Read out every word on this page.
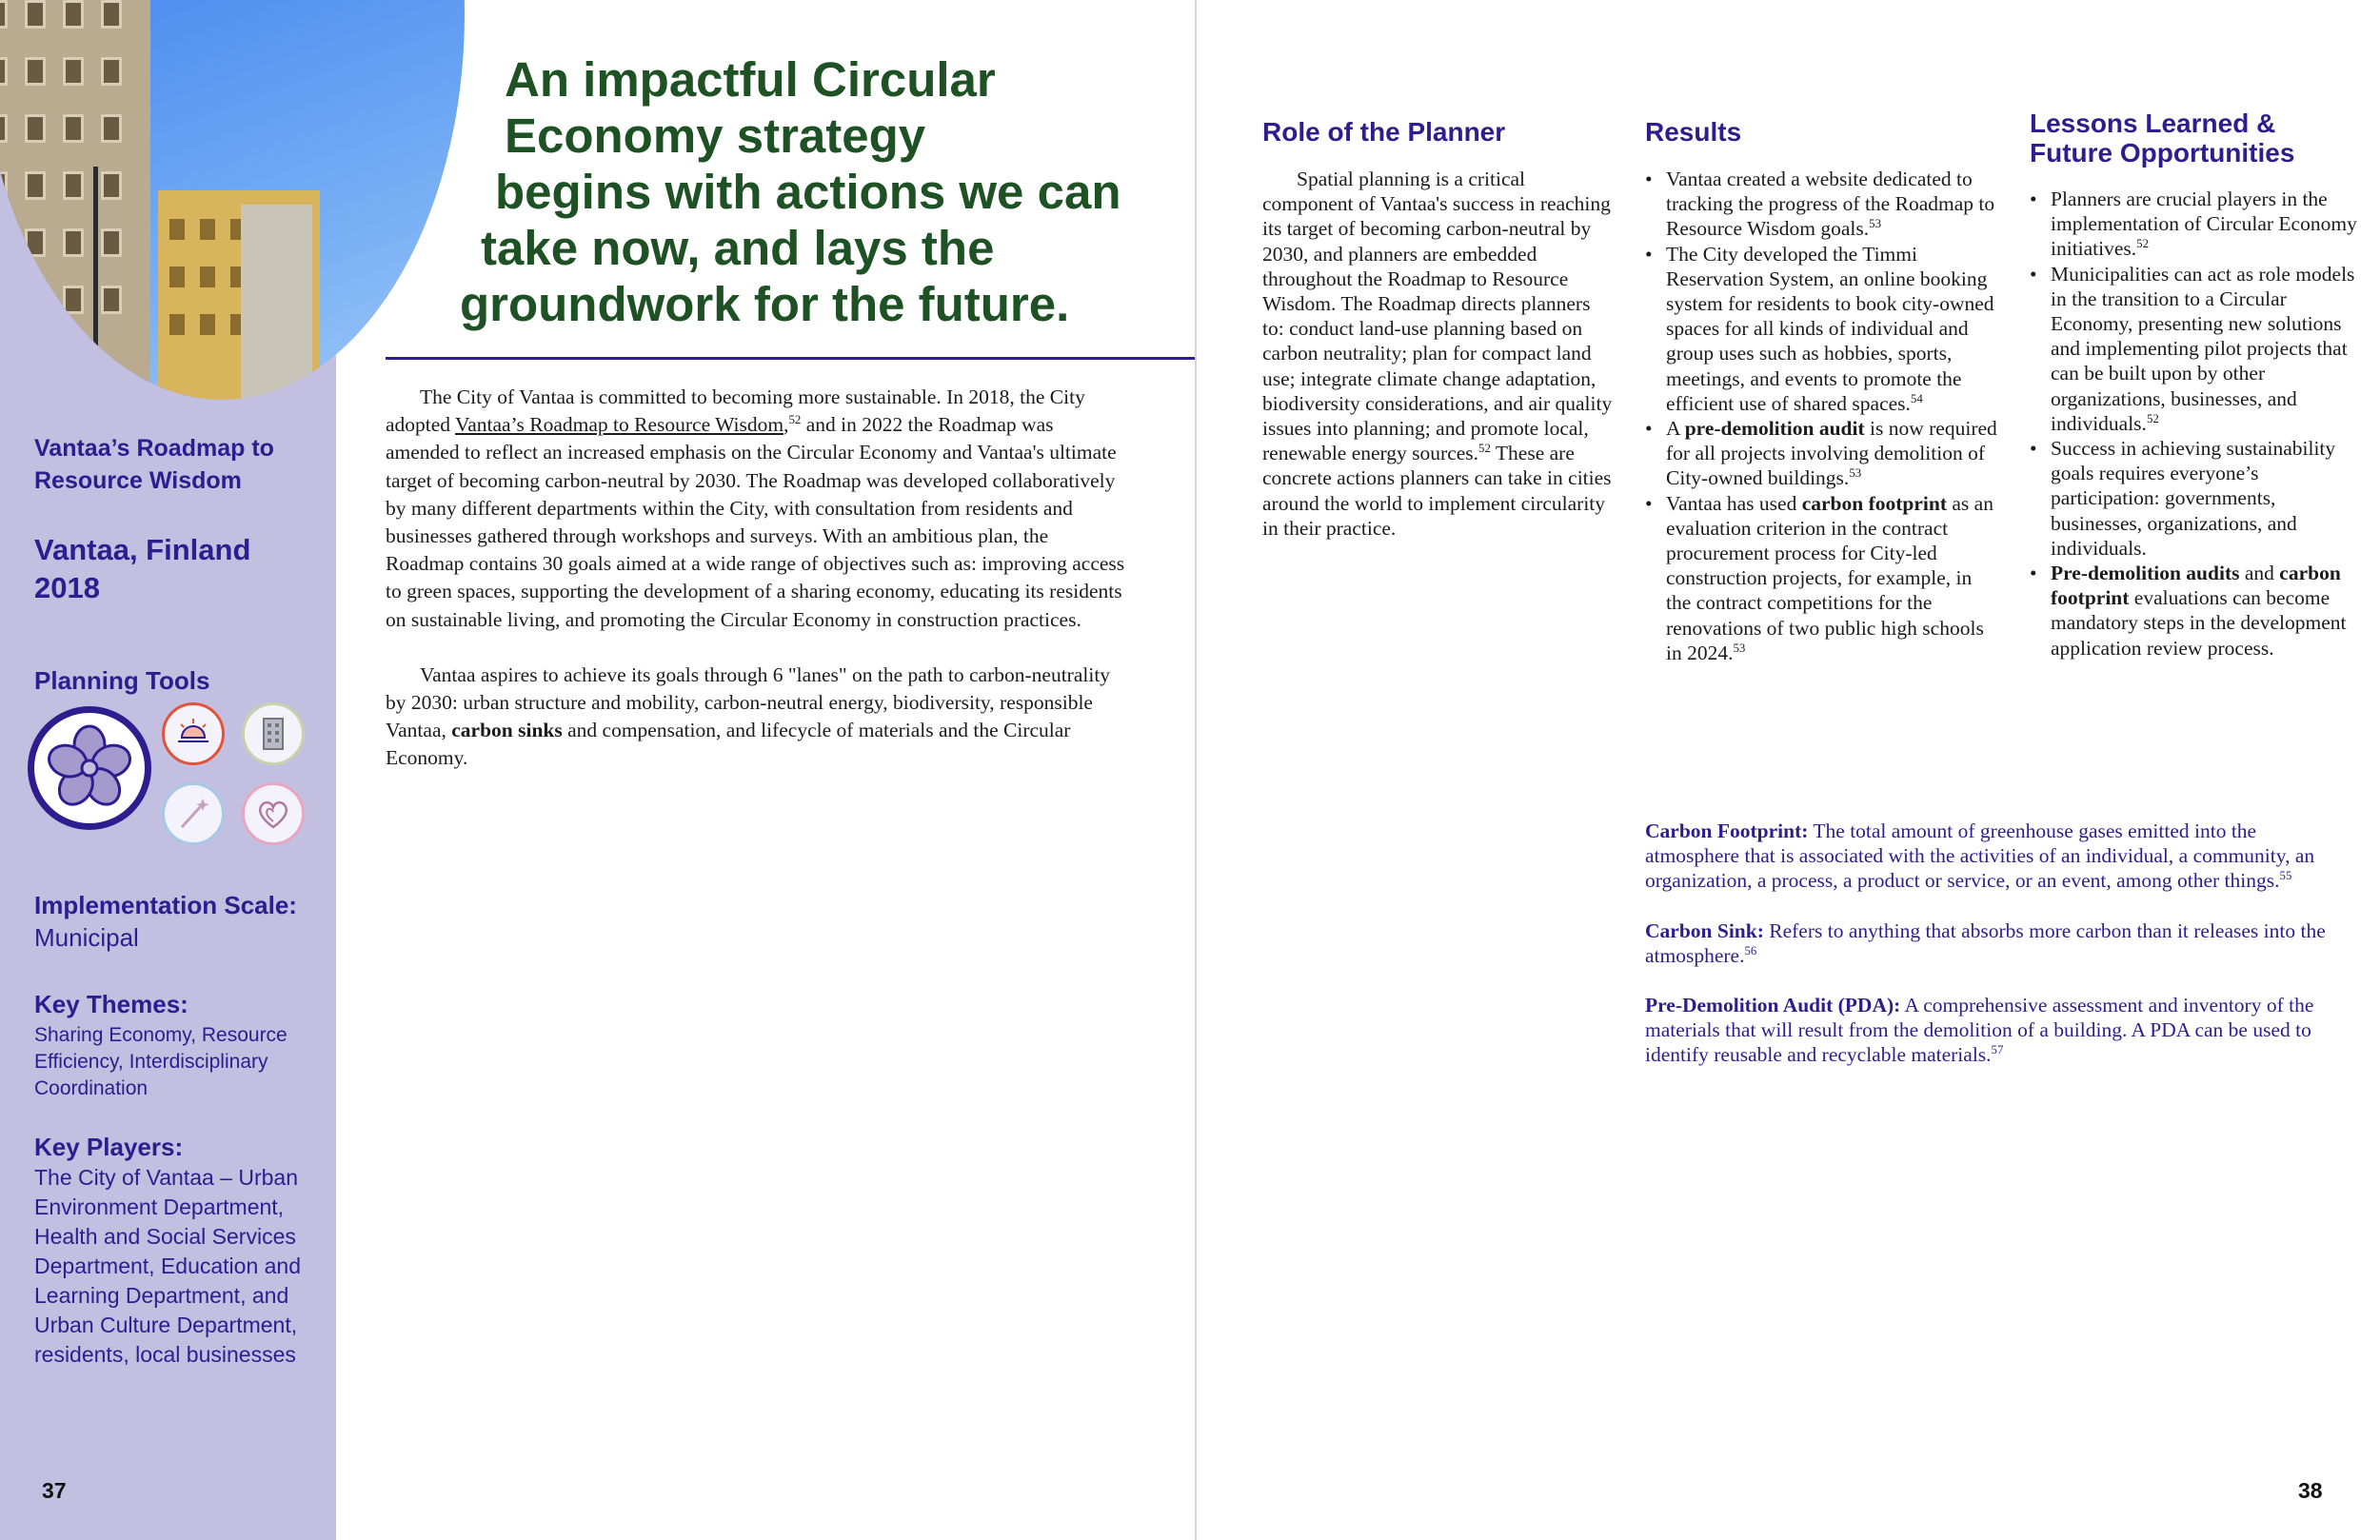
Vantaa’s Roadmap to Resource Wisdom
Vantaa, Finland
2018
Planning Tools
Implementation Scale:
Municipal
Key Themes:
Sharing Economy, Resource Efficiency, Interdisciplinary Coordination
Key Players:
The City of Vantaa – Urban Environment Department, Health and Social Services Department, Education and Learning Department, and Urban Culture Department, residents, local businesses
37
An impactful Circular
Economy strategy
begins with actions we can
take now, and lays the
groundwork for the future.

The City of Vantaa is committed to becoming more sustainable. In 2018, the City adopted Vantaa’s Roadmap to Resource Wisdom,$^{52}$ and in 2022 the Roadmap was amended to reflect an increased emphasis on the Circular Economy and Vantaa's ultimate target of becoming carbon-neutral by 2030. The Roadmap was developed collaboratively by many different departments within the City, with consultation from residents and businesses gathered through workshops and surveys. With an ambitious plan, the Roadmap contains 30 goals aimed at a wide range of objectives such as: improving access to green spaces, supporting the development of a sharing economy, educating its residents on sustainable living, and promoting the Circular Economy in construction practices.

Vantaa aspires to achieve its goals through 6 "lanes" on the path to carbon-neutrality by 2030: urban structure and mobility, carbon-neutral energy, biodiversity, responsible Vantaa, carbon sinks and compensation, and lifecycle of materials and the Circular Economy.

Role of the Planner

Spatial planning is a critical component of Vantaa's success in reaching its target of becoming carbon-neutral by 2030, and planners are embedded throughout the Roadmap to Resource Wisdom. The Roadmap directs planners to: conduct land-use planning based on carbon neutrality; plan for compact land use; integrate climate change adaptation, biodiversity considerations, and air quality issues into planning; and promote local, renewable energy sources.$^{52}$ These are concrete actions planners can take in cities around the world to implement circularity in their practice.

Results
• Vantaa created a website dedicated to tracking the progress of the Roadmap to Resource Wisdom goals.$^{53}$
• The City developed the Timmi Reservation System, an online booking system for residents to book city-owned spaces for all kinds of individual and group uses such as hobbies, sports, meetings, and events to promote the efficient use of shared spaces.$^{54}$
• A pre-demolition audit is now required for all projects involving demolition of City-owned buildings.$^{53}$
• Vantaa has used carbon footprint as an evaluation criterion in the contract procurement process for City-led construction projects, for example, in the contract competitions for the renovations of two public high schools in 2024.53
Lessons Learned & Future Opportunities
• Planners are crucial players in the implementation of Circular Economy initiatives.$^{52}$
• Municipalities can act as role models in the transition to a Circular Economy, presenting new solutions and implementing pilot projects that can be built upon by other organizations, businesses, and individuals.$^{52}$
• Success in achieving sustainability goals requires everyone’s participation: governments, businesses, organizations, and individuals.
• Pre-demolition audits and carbon footprint evaluations can become mandatory steps in the development application review process.

Carbon Footprint: The total amount of greenhouse gases emitted into the atmosphere that is associated with the activities of an individual, a community, an organization, a process, a product or service, or an event, among other things.$^{55}$

Carbon Sink: Refers to anything that absorbs more carbon than it releases into the atmosphere.$^{56}$

Pre-Demolition Audit (PDA): A comprehensive assessment and inventory of the materials that will result from the demolition of a building. A PDA can be used to identify reusable and recyclable materials.$^{57}$

38
